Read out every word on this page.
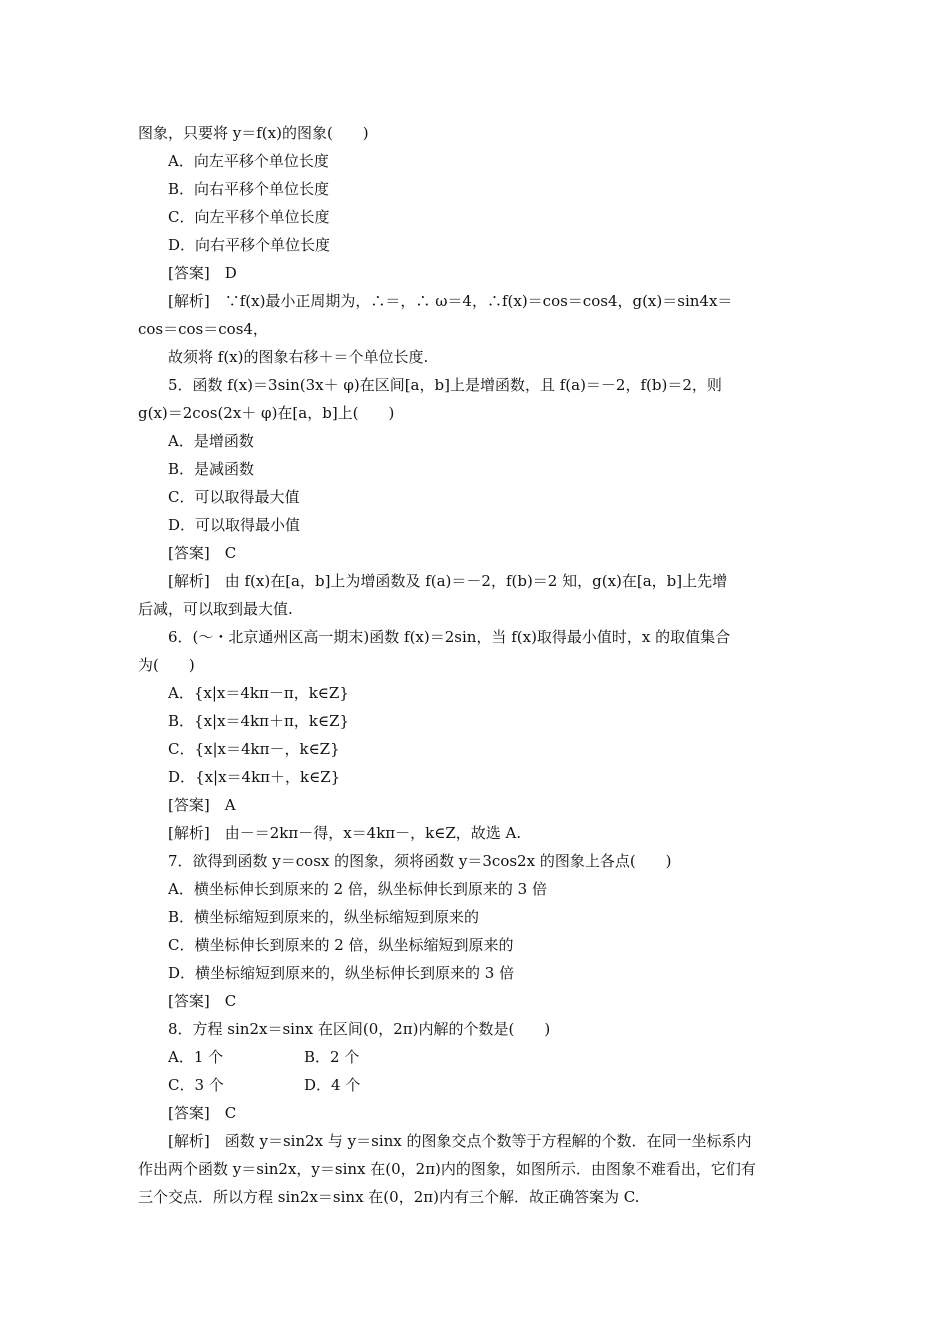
图象，只要将 y＝f(x)的图象(　　)
A．向左平移个单位长度
B．向右平移个单位长度
C．向左平移个单位长度
D．向右平移个单位长度
[答案]　D
[解析]　∵f(x)最小正周期为，∴＝，∴ ω＝4，∴f(x)＝cos＝cos4，g(x)＝sin4x＝
cos＝cos＝cos4，
故须将 f(x)的图象右移＋＝个单位长度.
5．函数 f(x)＝3sin(3x＋ φ)在区间[a，b]上是增函数，且 f(a)＝－2，f(b)＝2，则
g(x)＝2cos(2x＋ φ)在[a，b]上(　　)
A．是增函数
B．是减函数
C．可以取得最大值
D．可以取得最小值
[答案]　C
[解析]　由 f(x)在[a，b]上为增函数及 f(a)＝－2，f(b)＝2 知，g(x)在[a，b]上先增
后减，可以取到最大值.
6．(～・北京通州区高一期末)函数 f(x)＝2sin，当 f(x)取得最小值时，x 的取值集合
为(　　)
A．{x|x＝4kπ－π，k∈Z}
B．{x|x＝4kπ＋π，k∈Z}
C．{x|x＝4kπ－，k∈Z}
D．{x|x＝4kπ＋，k∈Z}
[答案]　A
[解析]　由－＝2kπ－得，x＝4kπ－，k∈Z，故选 A.
7．欲得到函数 y＝cosx 的图象，须将函数 y＝3cos2x 的图象上各点(　　)
A．横坐标伸长到原来的 2 倍，纵坐标伸长到原来的 3 倍
B．横坐标缩短到原来的，纵坐标缩短到原来的
C．横坐标伸长到原来的 2 倍，纵坐标缩短到原来的
D．横坐标缩短到原来的，纵坐标伸长到原来的 3 倍
[答案]　C
8．方程 sin2x＝sinx 在区间(0，2π)内解的个数是(　　)
A．1 个	B．2 个
C．3 个	D．4 个
[答案]　C
[解析]　函数 y＝sin2x 与 y＝sinx 的图象交点个数等于方程解的个数．在同一坐标系内
作出两个函数 y＝sin2x，y＝sinx 在(0，2π)内的图象，如图所示．由图象不难看出，它们有
三个交点．所以方程 sin2x＝sinx 在(0，2π)内有三个解．故正确答案为 C.
